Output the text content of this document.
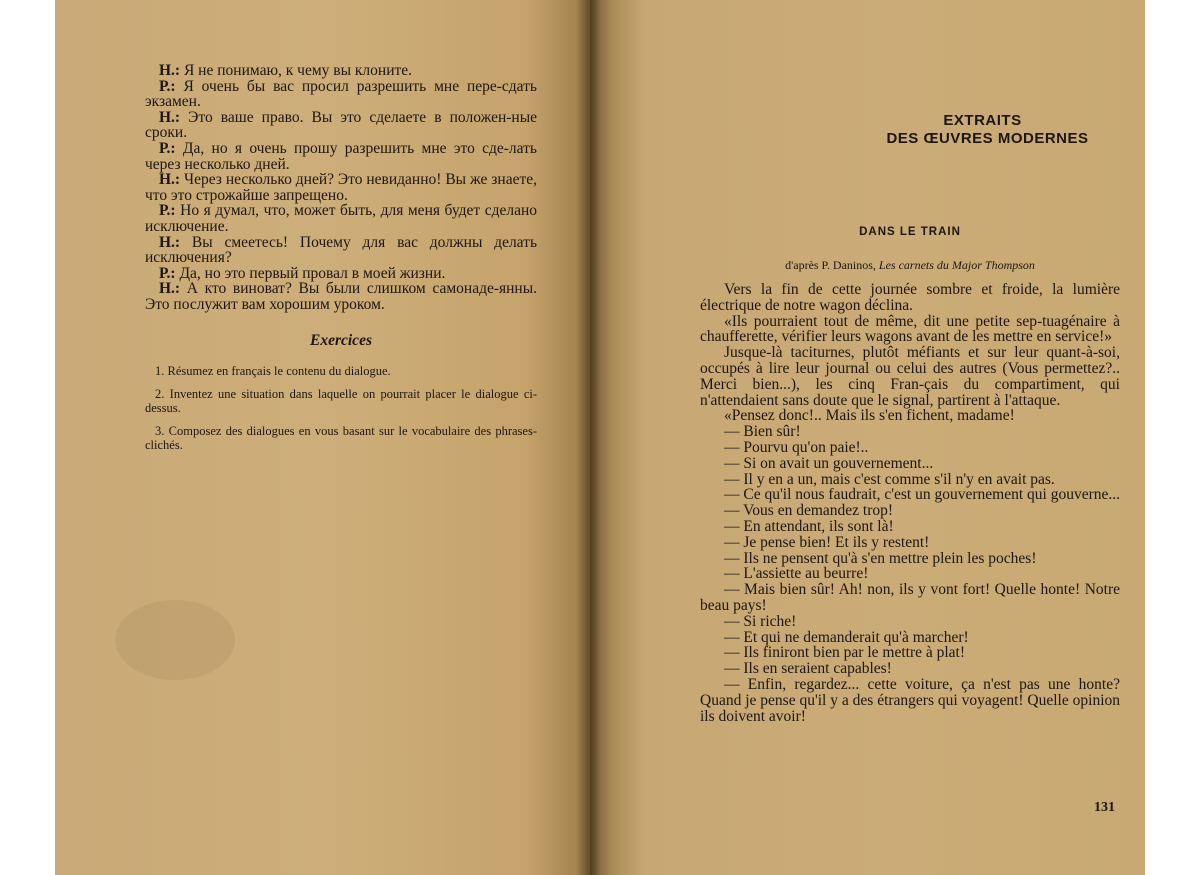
Н.: Я не понимаю, к чему вы клоните.

Р.: Я очень бы вас просил разрешить мне пере-сдать экзамен.

Н.: Это ваше право. Вы это сделаете в положен-ные сроки.

Р.: Да, но я очень прошу разрешить мне это сде-лать через несколько дней.

Н.: Через несколько дней? Это невиданно! Вы же знаете, что это строжайше запрещено.

Р.: Но я думал, что, может быть, для меня будет сделано исключение.

Н.: Вы смеетесь! Почему для вас должны делать исключения?

Р.: Да, но это первый провал в моей жизни.

Н.: А кто виноват? Вы были слишком самонаде-янны. Это послужит вам хорошим уроком.

Exercices

1. Résumez en français le contenu du dialogue.

2. Inventez une situation dans laquelle on pourrait placer le dialogue ci-dessus.

3. Composez des dialogues en vous basant sur le vocabulaire des phrases-clichés.

EXTRAITS
DES ŒUVRES MODERNES
DANS LE TRAIN
d'après P. Daninos, Les carnets du Major Thompson

Vers la fin de cette journée sombre et froide, la lumière électrique de notre wagon déclina.

«Ils pourraient tout de même, dit une petite sep-tuagénaire à chaufferette, vérifier leurs wagons avant de les mettre en service!»

Jusque-là taciturnes, plutôt méfiants et sur leur quant-à-soi, occupés à lire leur journal ou celui des autres (Vous permettez?.. Merci bien...), les cinq Fran-çais du compartiment, qui n'attendaient sans doute que le signal, partirent à l'attaque.

«Pensez donc!.. Mais ils s'en fichent, madame!

— Bien sûr!

— Pourvu qu'on paie!..

— Si on avait un gouvernement...

— Il y en a un, mais c'est comme s'il n'y en avait pas.

— Ce qu'il nous faudrait, c'est un gouvernement qui gouverne...

— Vous en demandez trop!

— En attendant, ils sont là!

— Je pense bien! Et ils y restent!

— Ils ne pensent qu'à s'en mettre plein les poches!

— L'assiette au beurre!

— Mais bien sûr! Ah! non, ils y vont fort! Quelle honte! Notre beau pays!

— Si riche!

— Et qui ne demanderait qu'à marcher!

— Ils finiront bien par le mettre à plat!

— Ils en seraient capables!

— Enfin, regardez... cette voiture, ça n'est pas une honte? Quand je pense qu'il y a des étrangers qui voyagent! Quelle opinion ils doivent avoir!

131
